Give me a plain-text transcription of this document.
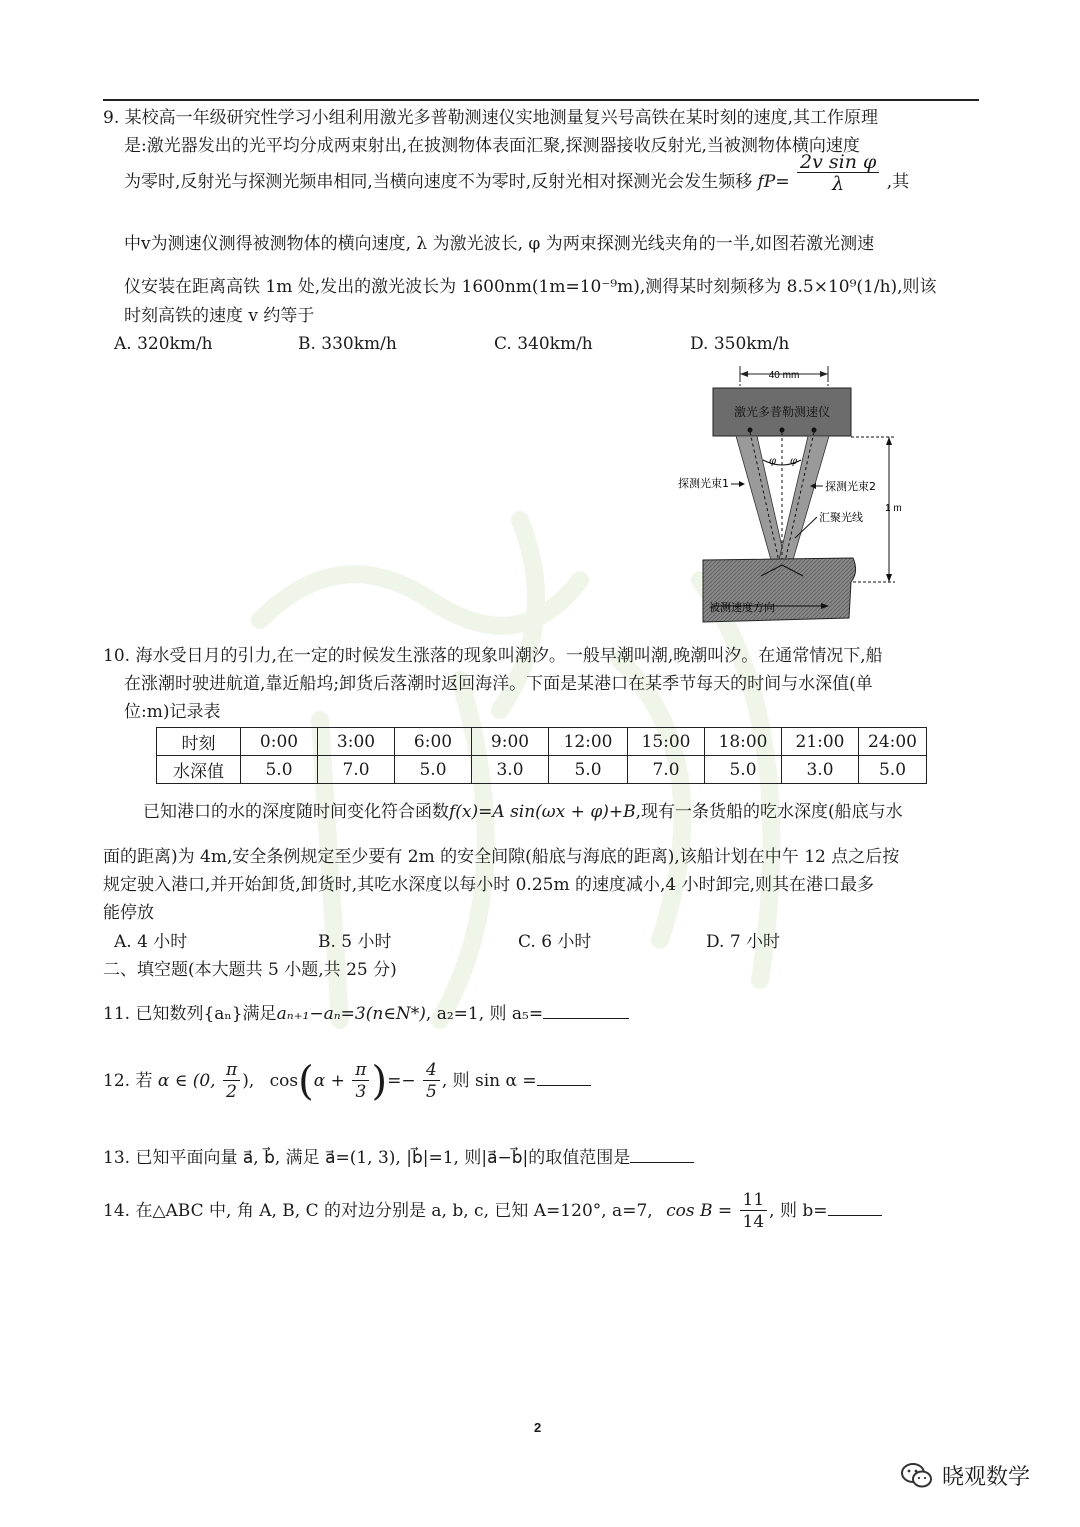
9. 某校高一年级研究性学习小组利用激光多普勒测速仪实地测量复兴号高铁在某时刻的速度,其工作原理
是:激光器发出的光平均分成两束射出,在披测物体表面汇聚,探测器接收反射光,当被测物体横向速度
为零时,反射光与探测光频串相同,当横向速度不为零时,反射光相对探测光会发生频移 $fP= \frac{\text{2v sin φ}}{\lambda}$ ,其
中v为测速仪测得被测物体的横向速度, λ 为激光波长, φ 为两束探测光线夹角的一半,如图若激光测速
仪安装在距离高铁 1m 处,发出的激光波长为 1600nm(1m=10⁻⁹m),测得某时刻频移为 8.5×10⁹(1/h),则该
时刻高铁的速度 v 约等于
A. 320km/h	B. 330km/h	C. 340km/h	D. 350km/h
40 mm
激光多普勒测速仪
φ φ
探测光束1	探测光束2
汇聚光线
1 m
被测速度方向
10. 海水受日月的引力,在一定的时候发生涨落的现象叫潮汐。一般早潮叫潮,晚潮叫汐。在通常情况下,船
在涨潮时驶进航道,靠近船坞;卸货后落潮时返回海洋。下面是某港口在某季节每天的时间与水深值(单
位:m)记录表
时刻	0:00	3:00	6:00	9:00	12:00	15:00	18:00	21:00	24:00
水深值	5.0	7.0	5.0	3.0	5.0	7.0	5.0	3.0	5.0
已知港口的水的深度随时间变化符合函数f(x)=A sin(ωx + φ)+B,现有一条货船的吃水深度(船底与水
面的距离)为 4m,安全条例规定至少要有 2m 的安全间隙(船底与海底的距离),该船计划在中午 12 点之后按
规定驶入港口,并开始卸货,卸货时,其吃水深度以每小时 0.25m 的速度减小,4 小时卸完,则其在港口最多
能停放
A. 4 小时	B. 5 小时	C. 6 小时	D. 7 小时
二、填空题(本大题共 5 小题,共 25 分)
11. 已知数列{aₙ}满足aₙ₊₁−aₙ=3(n∈N*), a₂=1, 则 a₅=
12. 若 α ∈ (0, $\frac{\pi}{2}$ ), $\cos(\alpha + \frac{\pi}{3}$ )=− $\frac{4}{5}$ , 则 sin α =
13. 已知平面向量 a⃗, b⃗, 满足 a⃗=(1, 3), |b⃗|=1, 则|a⃗−b⃗|的取值范围是
14. 在△ABC 中, 角 A, B, C 的对边分别是 a, b, c, 已知 A=120°, a=7, $\cos B = \frac{11}{14}$ , 则 b=
2
晓观数学
